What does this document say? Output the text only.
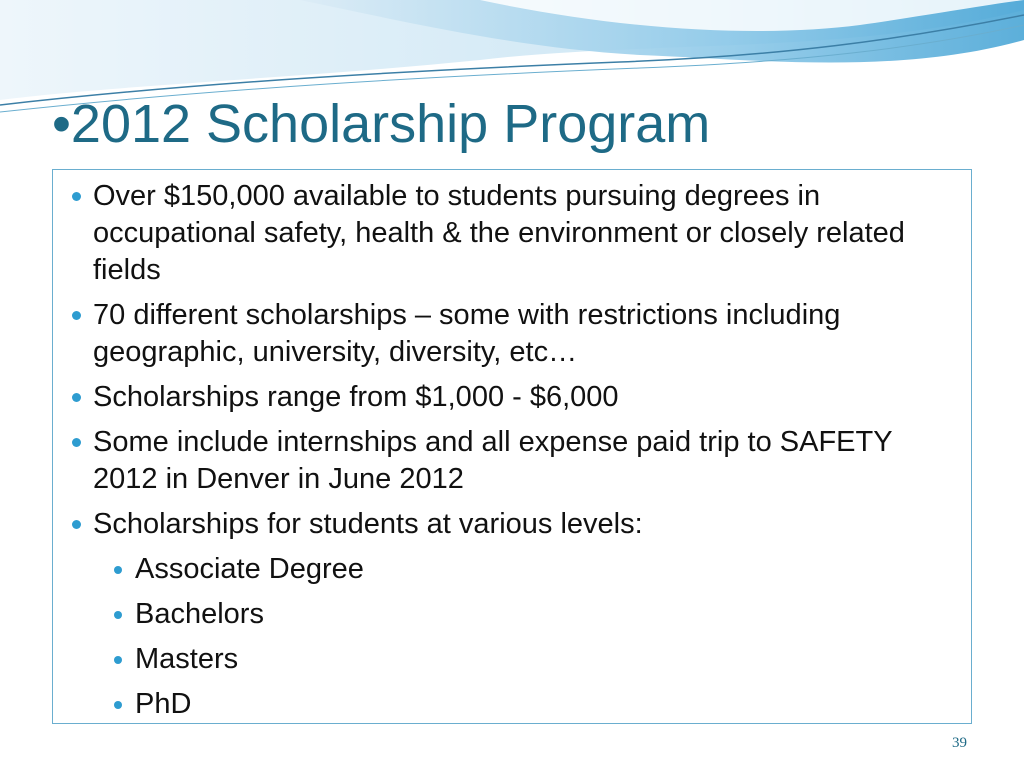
•2012 Scholarship Program
Over $150,000 available to students pursuing degrees in occupational safety, health & the environment or closely related fields
70 different scholarships – some with restrictions including geographic, university, diversity, etc…
Scholarships range from $1,000 - $6,000
Some include internships and all expense paid trip to SAFETY 2012 in Denver in June 2012
Scholarships for students at various levels:
Associate Degree
Bachelors
Masters
PhD
39
